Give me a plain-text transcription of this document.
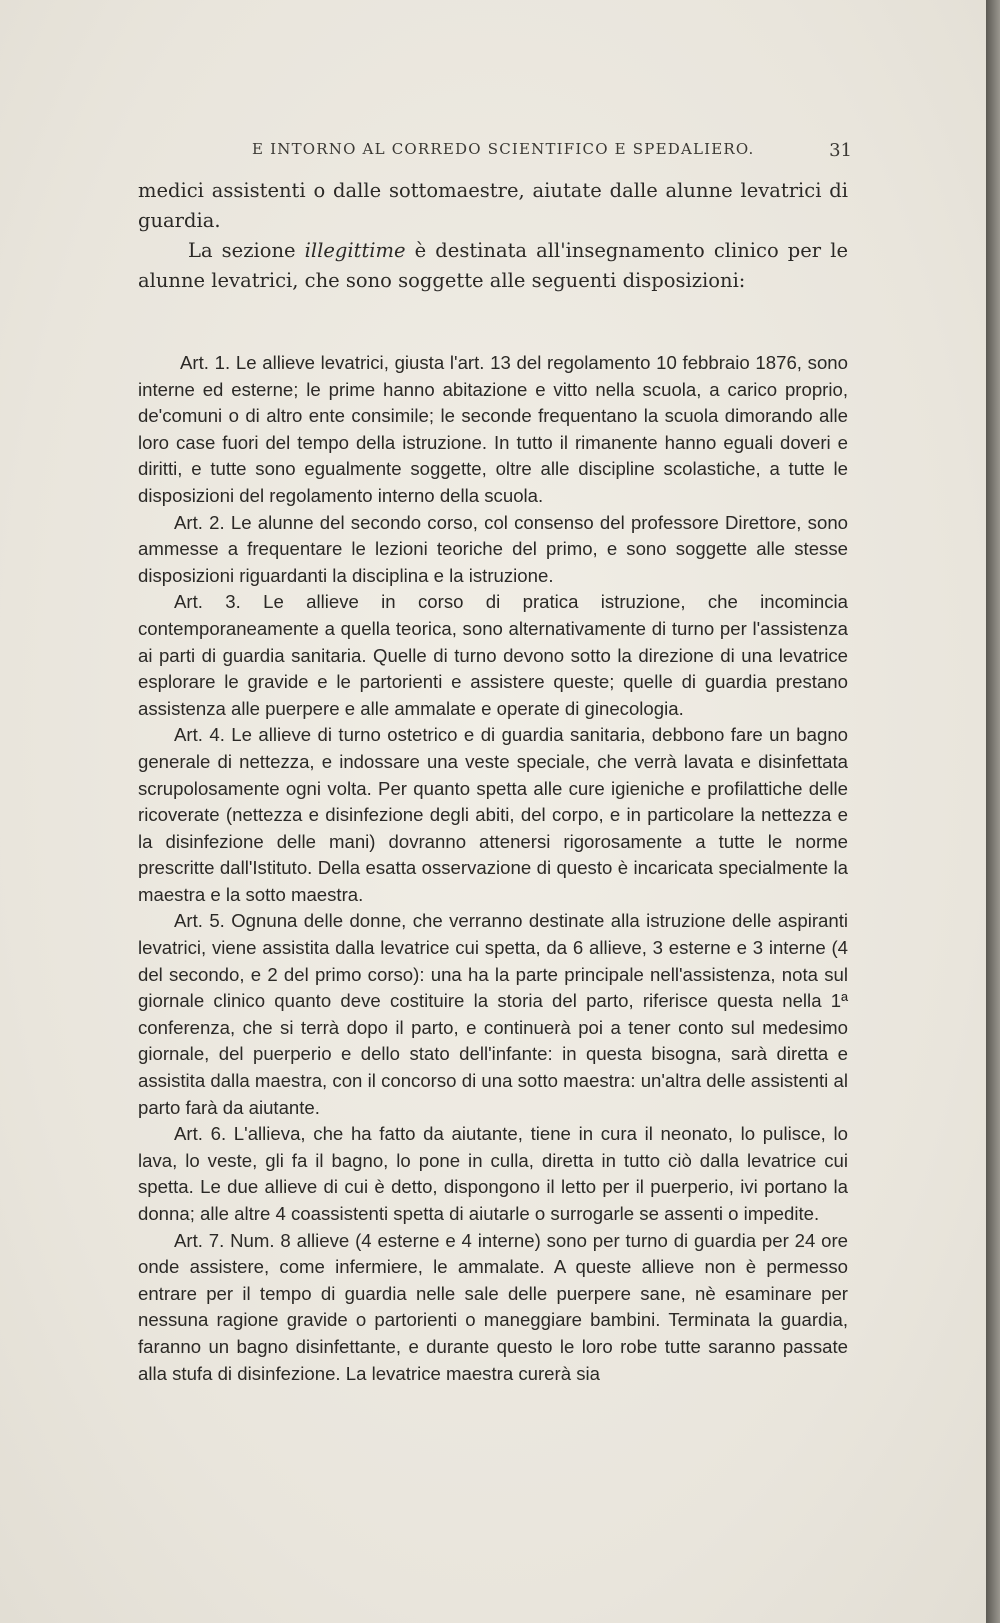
E INTORNO AL CORREDO SCIENTIFICO E SPEDALIERO.	31

medici assistenti o dalle sottomaestre, aiutate dalle alunne levatrici di guardia.

La sezione illegittime è destinata all'insegnamento clinico per le alunne levatrici, che sono soggette alle seguenti disposizioni:

Art. 1. Le allieve levatrici, giusta l'art. 13 del regolamento 10 febbraio 1876, sono interne ed esterne; le prime hanno abitazione e vitto nella scuola, a carico proprio, de'comuni o di altro ente consimile; le seconde frequentano la scuola dimorando alle loro case fuori del tempo della istruzione. In tutto il rimanente hanno eguali doveri e diritti, e tutte sono egualmente soggette, oltre alle discipline scolastiche, a tutte le disposizioni del regolamento interno della scuola.

Art. 2. Le alunne del secondo corso, col consenso del professore Direttore, sono ammesse a frequentare le lezioni teoriche del primo, e sono soggette alle stesse disposizioni riguardanti la disciplina e la istruzione.

Art. 3. Le allieve in corso di pratica istruzione, che incomincia contemporaneamente a quella teorica, sono alternativamente di turno per l'assistenza ai parti di guardia sanitaria. Quelle di turno devono sotto la direzione di una levatrice esplorare le gravide e le partorienti e assistere queste; quelle di guardia prestano assistenza alle puerpere e alle ammalate e operate di ginecologia.

Art. 4. Le allieve di turno ostetrico e di guardia sanitaria, debbono fare un bagno generale di nettezza, e indossare una veste speciale, che verrà lavata e disinfettata scrupolosamente ogni volta. Per quanto spetta alle cure igieniche e profilattiche delle ricoverate (nettezza e disinfezione degli abiti, del corpo, e in particolare la nettezza e la disinfezione delle mani) dovranno attenersi rigorosamente a tutte le norme prescritte dall'Istituto. Della esatta osservazione di questo è incaricata specialmente la maestra e la sotto maestra.

Art. 5. Ognuna delle donne, che verranno destinate alla istruzione delle aspiranti levatrici, viene assistita dalla levatrice cui spetta, da 6 allieve, 3 esterne e 3 interne (4 del secondo, e 2 del primo corso): una ha la parte principale nell'assistenza, nota sul giornale clinico quanto deve costituire la storia del parto, riferisce questa nella 1ª conferenza, che si terrà dopo il parto, e continuerà poi a tener conto sul medesimo giornale, del puerperio e dello stato dell'infante: in questa bisogna, sarà diretta e assistita dalla maestra, con il concorso di una sotto maestra: un'altra delle assistenti al parto farà da aiutante.

Art. 6. L'allieva, che ha fatto da aiutante, tiene in cura il neonato, lo pulisce, lo lava, lo veste, gli fa il bagno, lo pone in culla, diretta in tutto ciò dalla levatrice cui spetta. Le due allieve di cui è detto, dispongono il letto per il puerperio, ivi portano la donna; alle altre 4 coassistenti spetta di aiutarle o surrogarle se assenti o impedite.

Art. 7. Num. 8 allieve (4 esterne e 4 interne) sono per turno di guardia per 24 ore onde assistere, come infermiere, le ammalate. A queste allieve non è permesso entrare per il tempo di guardia nelle sale delle puerpere sane, nè esaminare per nessuna ragione gravide o partorienti o maneggiare bambini. Terminata la guardia, faranno un bagno disinfettante, e durante questo le loro robe tutte saranno passate alla stufa di disinfezione. La levatrice maestra curerà sia
